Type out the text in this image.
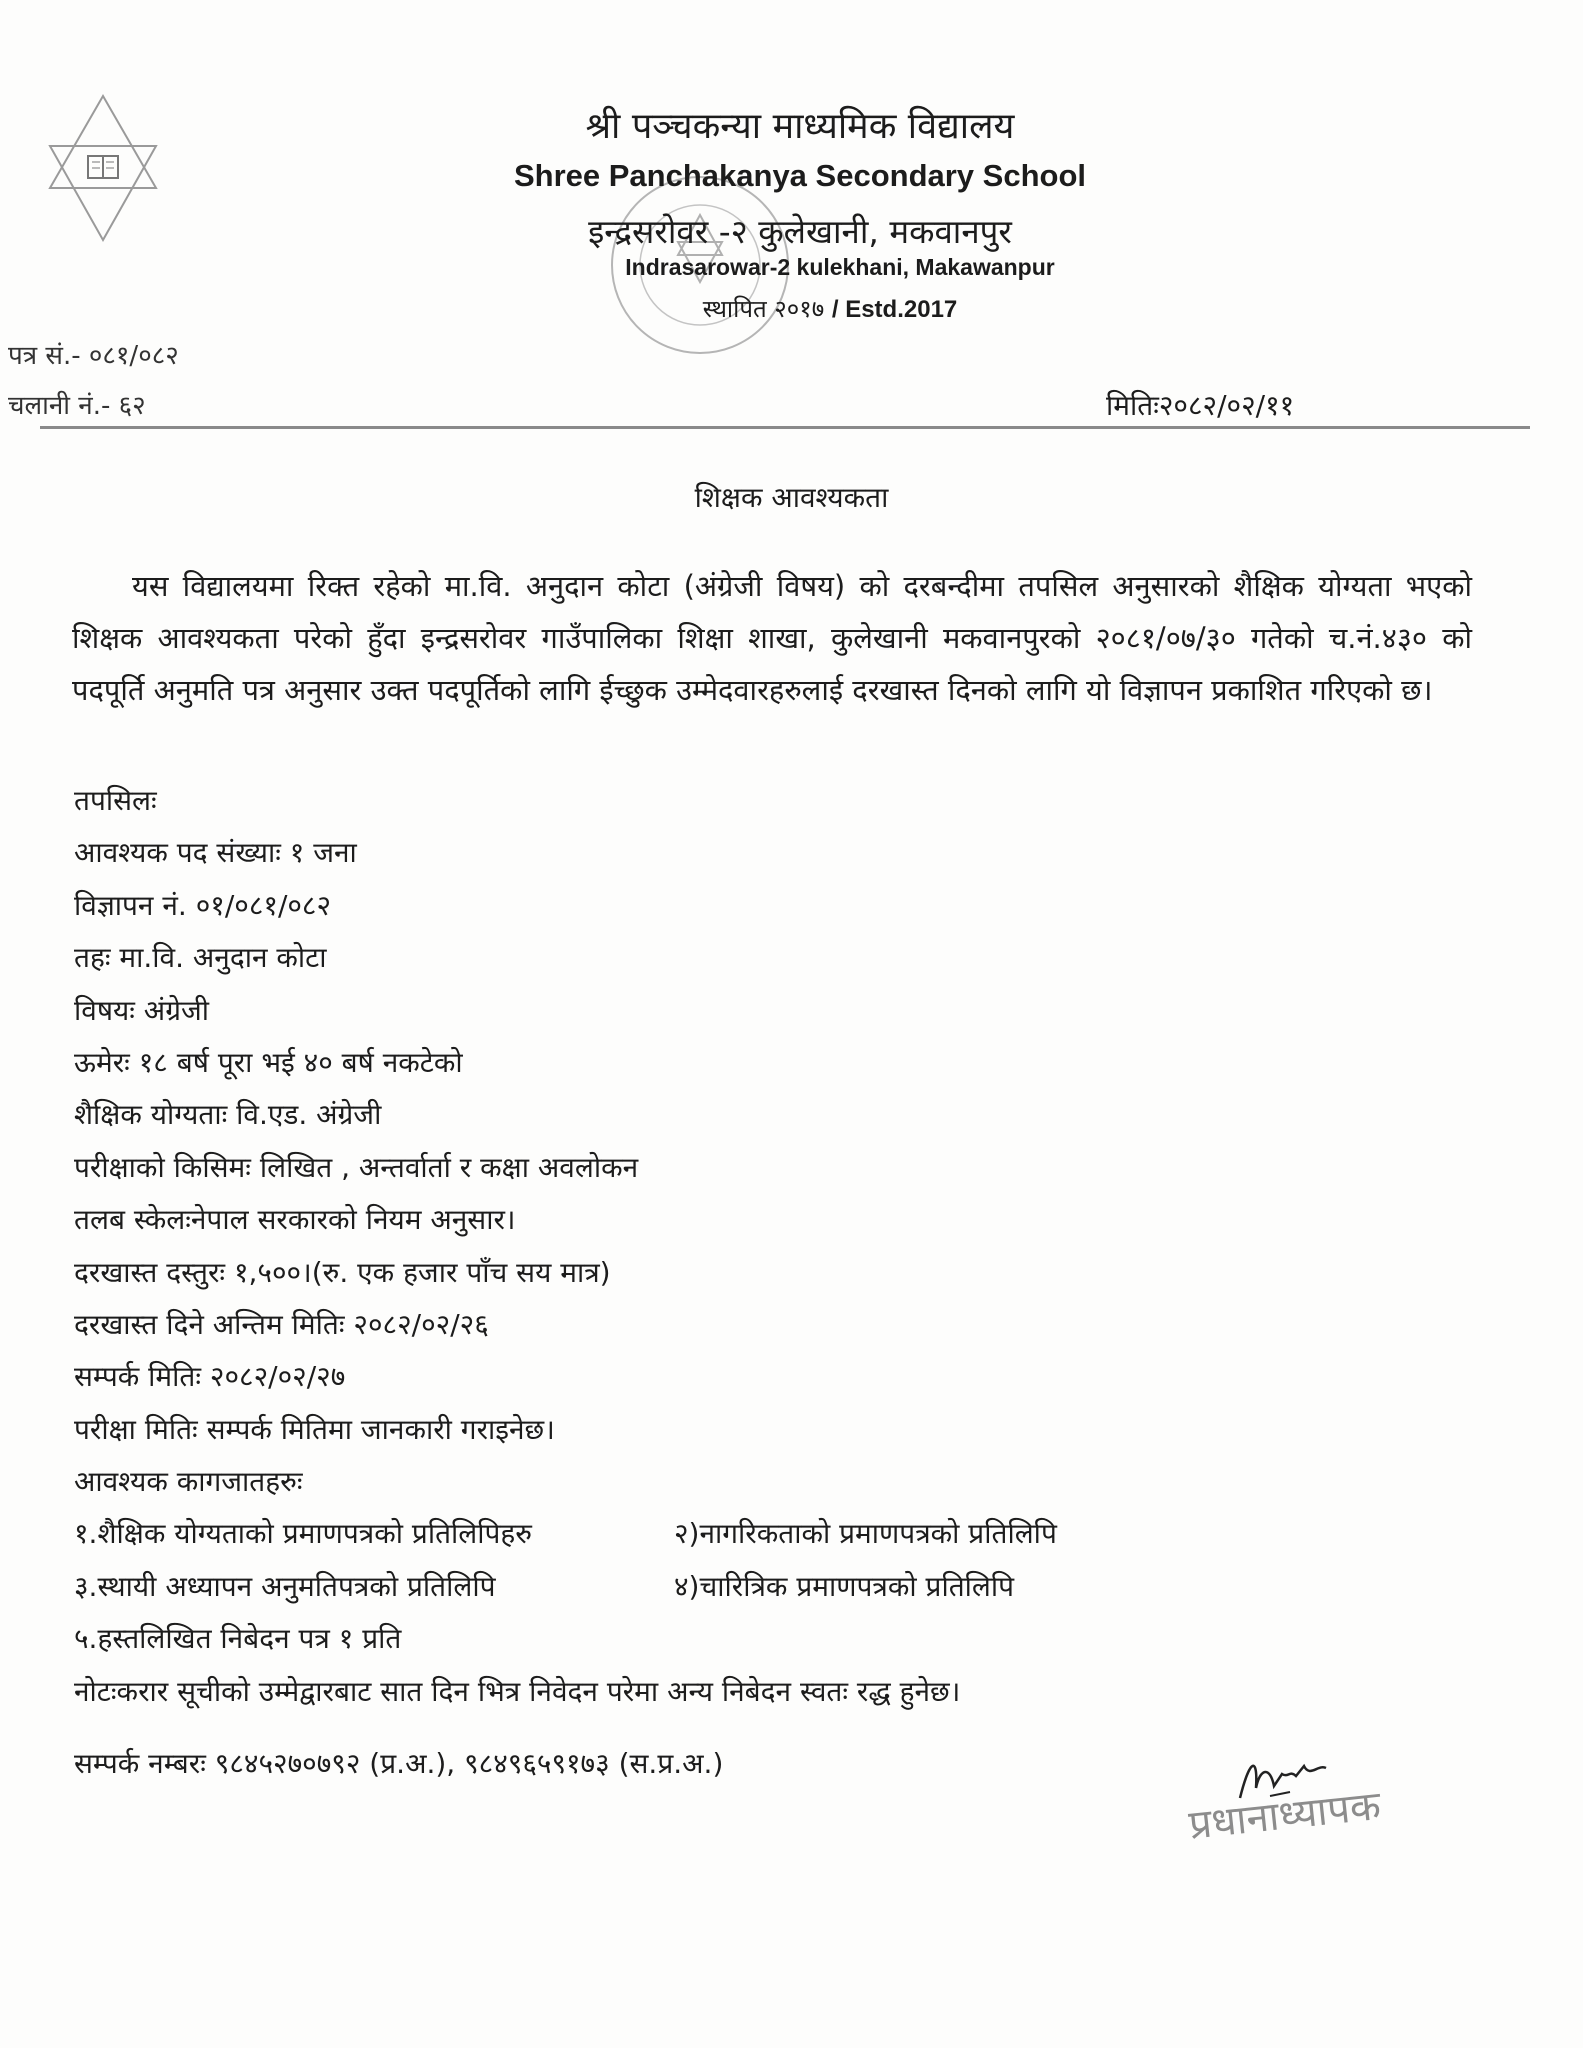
श्री पञ्चकन्या माध्यमिक विद्यालय
Shree Panchakanya Secondary School
इन्द्रसरोवर -२ कुलेखानी, मकवानपुर
Indrasarowar-2 kulekhani, Makawanpur
स्थापित २०१७ / Estd.2017
पत्र सं.- ०८१/०८२
चलानी नं.- ६२	मितिः२०८२/०२/११
शिक्षक आवश्यकता
यस विद्यालयमा रिक्त रहेको मा.वि. अनुदान कोटा (अंग्रेजी विषय) को दरबन्दीमा तपसिल अनुसारको शैक्षिक योग्यता भएको शिक्षक आवश्यकता परेको हुँदा इन्द्रसरोवर गाउँपालिका शिक्षा शाखा, कुलेखानी मकवानपुरको २०८१/०७/३० गतेको च.नं.४३० को पदपूर्ति अनुमति पत्र अनुसार उक्त पदपूर्तिको लागि ईच्छुक उम्मेदवारहरुलाई दरखास्त दिनको लागि यो विज्ञापन प्रकाशित गरिएको छ।
तपसिलः
आवश्यक पद संख्याः १ जना
विज्ञापन नं. ०१/०८१/०८२
तहः मा.वि. अनुदान कोटा
विषयः अंग्रेजी
ऊमेरः १८ बर्ष पूरा भई ४० बर्ष नकटेको
शैक्षिक योग्यताः वि.एड. अंग्रेजी
परीक्षाको किसिमः लिखित , अन्तर्वार्ता र कक्षा अवलोकन
तलब स्केलःनेपाल सरकारको नियम अनुसार।
दरखास्त दस्तुरः १,५००।(रु. एक हजार पाँच सय मात्र)
दरखास्त दिने अन्तिम मितिः २०८२/०२/२६
सम्पर्क मितिः २०८२/०२/२७
परीक्षा मितिः सम्पर्क मितिमा जानकारी गराइनेछ।
आवश्यक कागजातहरुः
१.शैक्षिक योग्यताको प्रमाणपत्रको प्रतिलिपिहरु	२)नागरिकताको प्रमाणपत्रको प्रतिलिपि
३.स्थायी अध्यापन अनुमतिपत्रको प्रतिलिपि	४)चारित्रिक प्रमाणपत्रको प्रतिलिपि
५.हस्तलिखित निबेदन पत्र १ प्रति
नोटःकरार सूचीको उम्मेद्वारबाट सात दिन भित्र निवेदन परेमा अन्य निबेदन स्वतः रद्ध हुनेछ।
सम्पर्क नम्बरः ९८४५२७०७९२ (प्र.अ.), ९८४९६५९१७३ (स.प्र.अ.)
प्रधानाध्यापक
